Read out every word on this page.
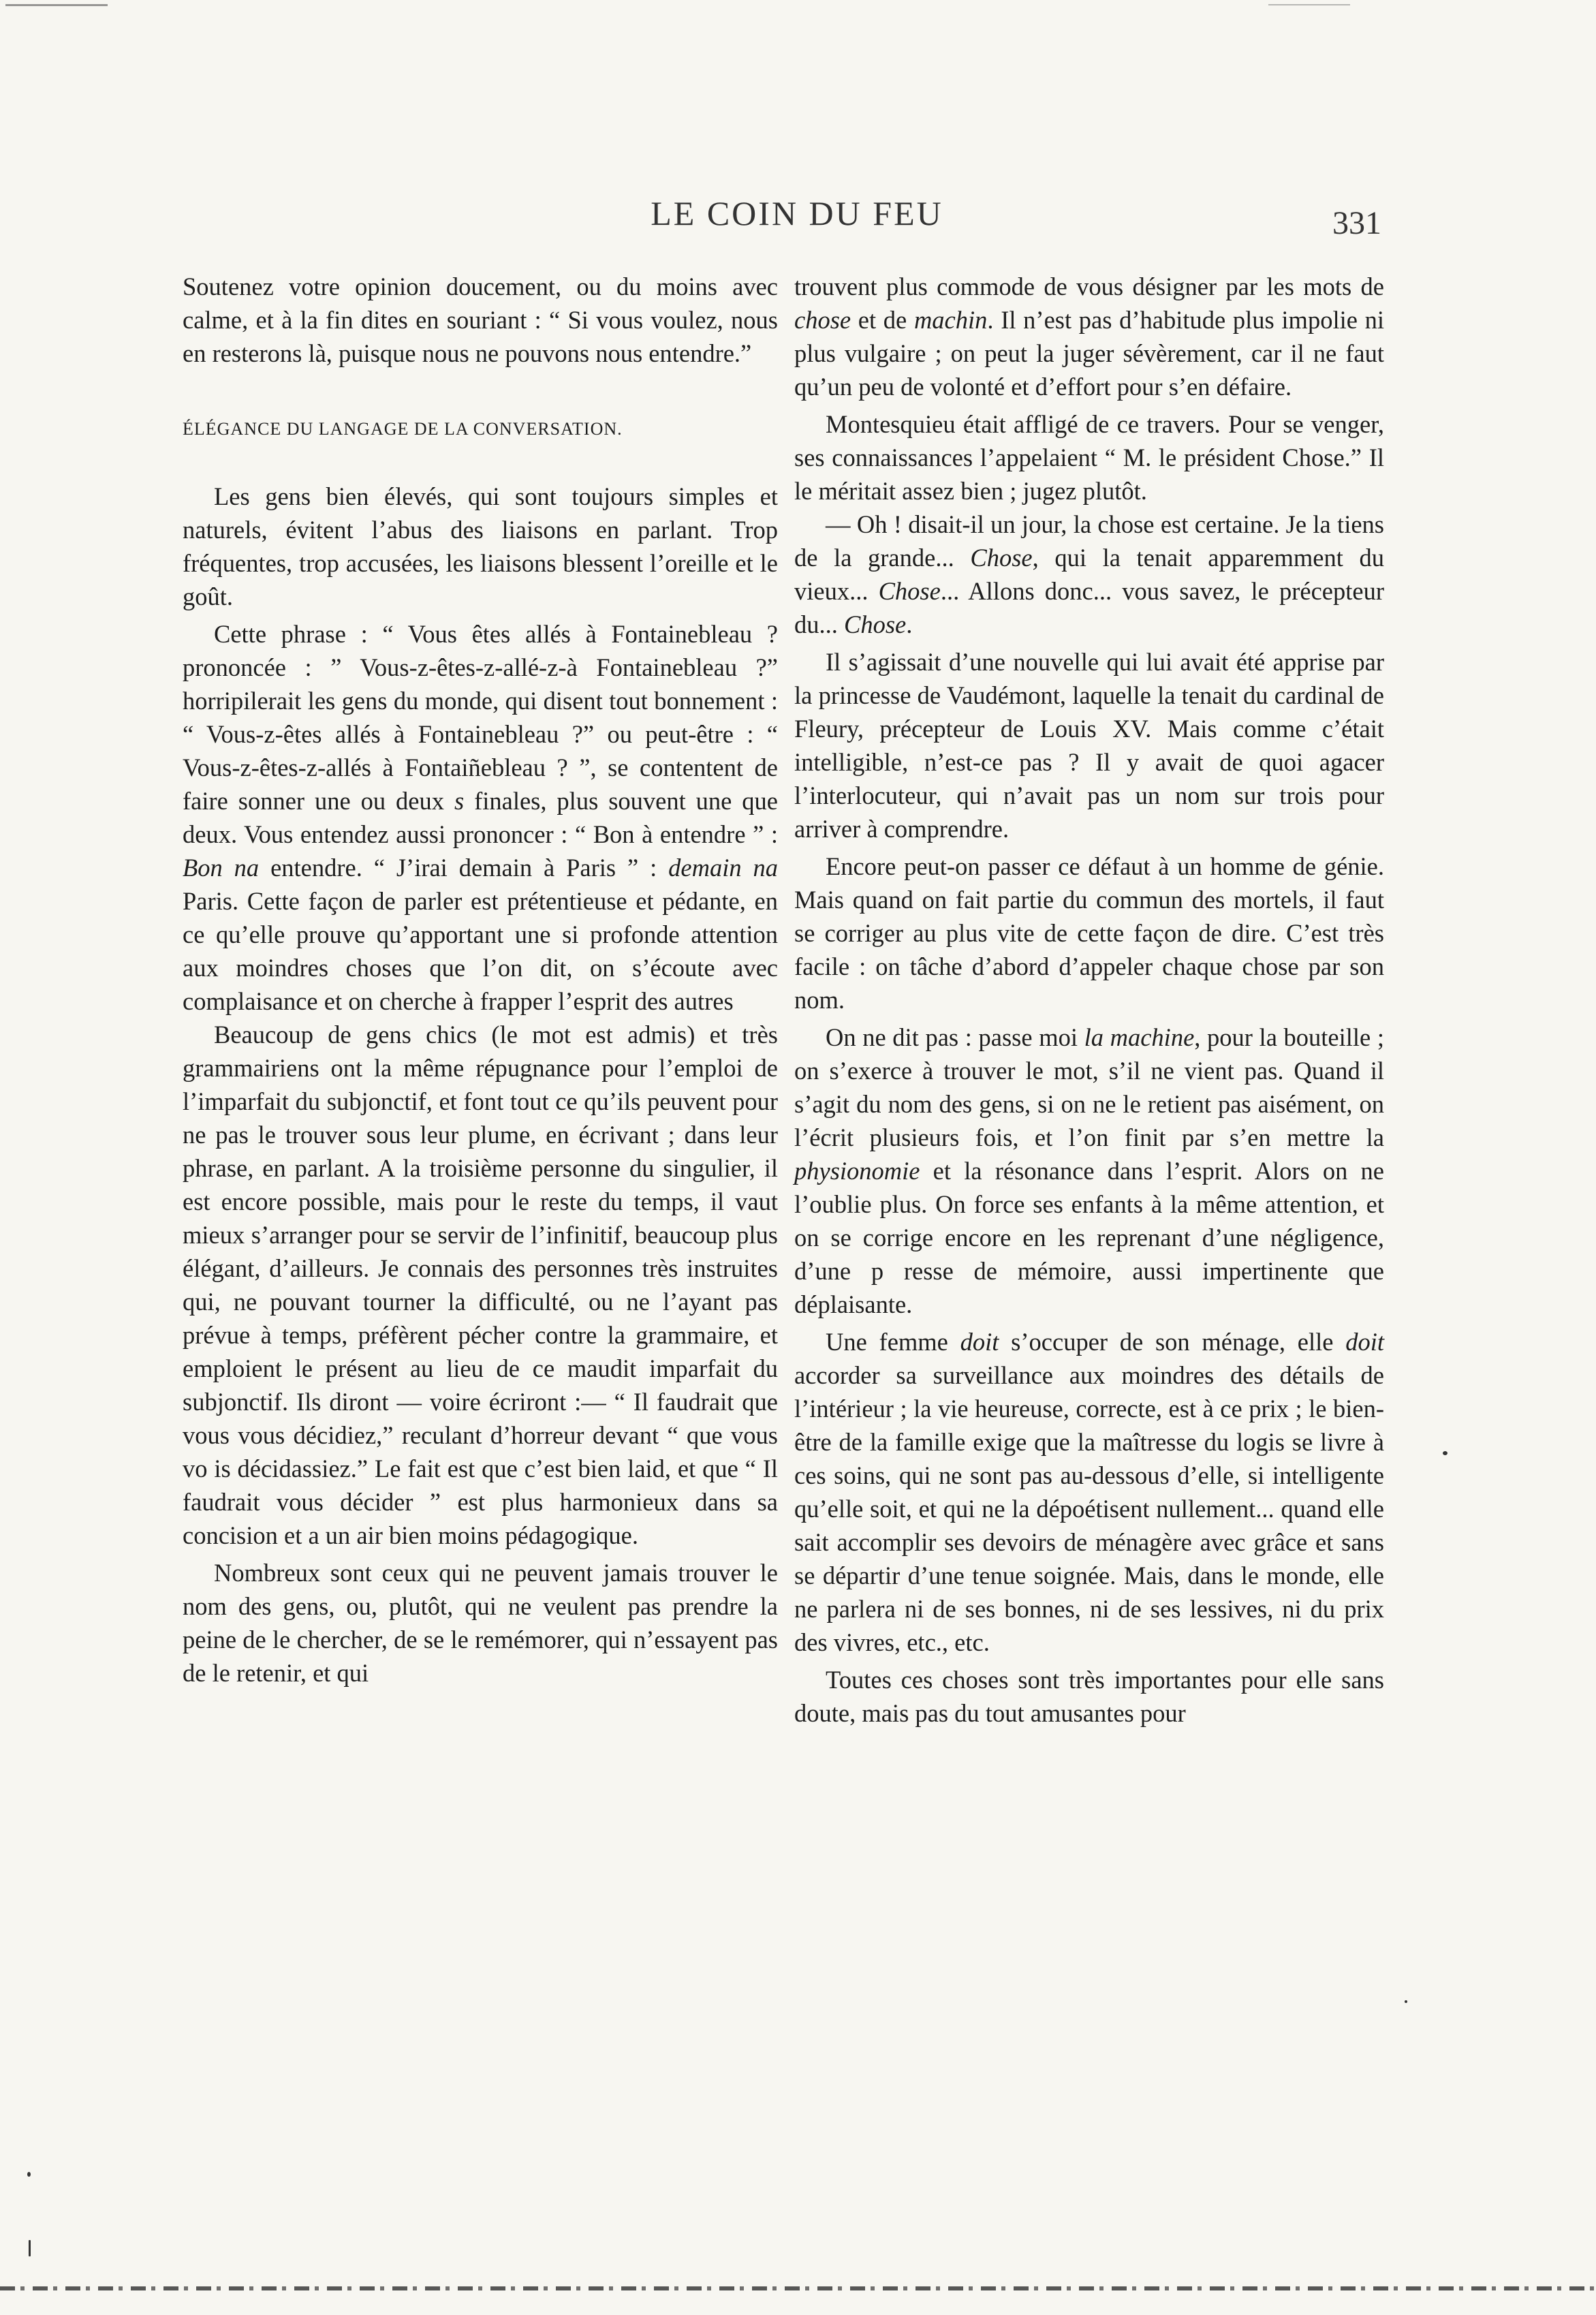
LE COIN DU FEU	331

Soutenez votre opinion doucement, ou du moins avec calme, et à la fin dites en souriant : “ Si vous voulez, nous en resterons là, puisque nous ne pouvons nous entendre.”

ÉLÉGANCE DU LANGAGE DE LA CONVERSATION.

Les gens bien élevés, qui sont toujours simples et naturels, évitent l’abus des liaisons en parlant. Trop fréquentes, trop accusées, les liaisons blessent l’oreille et le goût.

Cette phrase : “ Vous êtes allés à Fontainebleau ? prononcée : ” Vous-z-êtes-z-allé-z-à Fontainebleau ?” horripilerait les gens du monde, qui disent tout bonnement : “ Vous-z-êtes allés à Fontainebleau ?” ou peut-être : “ Vous-z-êtes-z-allés à Fontaiñebleau ? ”, se contentent de faire sonner une ou deux s finales, plus souvent une que deux. Vous entendez aussi prononcer : “ Bon à entendre ” : Bon na entendre. “ J’irai demain à Paris ” : demain na Paris. Cette façon de parler est prétentieuse et pédante, en ce qu’elle prouve qu’apportant une si profonde attention aux moindres choses que l’on dit, on s’écoute avec complaisance et on cherche à frapper l’esprit des autres

Beaucoup de gens chics (le mot est admis) et très grammairiens ont la même répugnance pour l’emploi de l’imparfait du subjonctif, et font tout ce qu’ils peuvent pour ne pas le trouver sous leur plume, en écrivant ; dans leur phrase, en parlant. A la troisième personne du singulier, il est encore possible, mais pour le reste du temps, il vaut mieux s’arranger pour se servir de l’infinitif, beaucoup plus élégant, d’ailleurs. Je connais des personnes très instruites qui, ne pouvant tourner la difficulté, ou ne l’ayant pas prévue à temps, préfèrent pécher contre la grammaire, et emploient le présent au lieu de ce maudit imparfait du subjonctif. Ils diront — voire écriront :— “ Il faudrait que vous vous décidiez,” reculant d’horreur devant “ que vous vo is décidassiez.” Le fait est que c’est bien laid, et que “ Il faudrait vous décider ” est plus harmonieux dans sa concision et a un air bien moins pédagogique.

Nombreux sont ceux qui ne peuvent jamais trouver le nom des gens, ou, plutôt, qui ne veulent pas prendre la peine de le chercher, de se le remémorer, qui n’essayent pas de le retenir, et qui

trouvent plus commode de vous désigner par les mots de chose et de machin. Il n’est pas d’habitude plus impolie ni plus vulgaire ; on peut la juger sévèrement, car il ne faut qu’un peu de volonté et d’effort pour s’en défaire.

Montesquieu était affligé de ce travers. Pour se venger, ses connaissances l’appelaient “ M. le président Chose.” Il le méritait assez bien ; jugez plutôt.

— Oh ! disait-il un jour, la chose est certaine. Je la tiens de la grande... Chose, qui la tenait apparemment du vieux... Chose... Allons donc... vous savez, le précepteur du... Chose.

Il s’agissait d’une nouvelle qui lui avait été apprise par la princesse de Vaudémont, laquelle la tenait du cardinal de Fleury, précepteur de Louis XV. Mais comme c’était intelligible, n’est-ce pas ? Il y avait de quoi agacer l’interlocuteur, qui n’avait pas un nom sur trois pour arriver à comprendre.

Encore peut-on passer ce défaut à un homme de génie. Mais quand on fait partie du commun des mortels, il faut se corriger au plus vite de cette façon de dire. C’est très facile : on tâche d’abord d’appeler chaque chose par son nom.

On ne dit pas : passe moi la machine, pour la bouteille ; on s’exerce à trouver le mot, s’il ne vient pas. Quand il s’agit du nom des gens, si on ne le retient pas aisément, on l’écrit plusieurs fois, et l’on finit par s’en mettre la physionomie et la résonance dans l’esprit. Alors on ne l’oublie plus. On force ses enfants à la même attention, et on se corrige encore en les reprenant d’une négligence, d’une p resse de mémoire, aussi impertinente que déplaisante.

Une femme doit s’occuper de son ménage, elle doit accorder sa surveillance aux moindres des détails de l’intérieur ; la vie heureuse, correcte, est à ce prix ; le bien-être de la famille exige que la maîtresse du logis se livre à ces soins, qui ne sont pas au-dessous d’elle, si intelligente qu’elle soit, et qui ne la dépoétisent nullement... quand elle sait accomplir ses devoirs de ménagère avec grâce et sans se départir d’une tenue soignée. Mais, dans le monde, elle ne parlera ni de ses bonnes, ni de ses lessives, ni du prix des vivres, etc., etc.

Toutes ces choses sont très importantes pour elle sans doute, mais pas du tout amusantes pour
